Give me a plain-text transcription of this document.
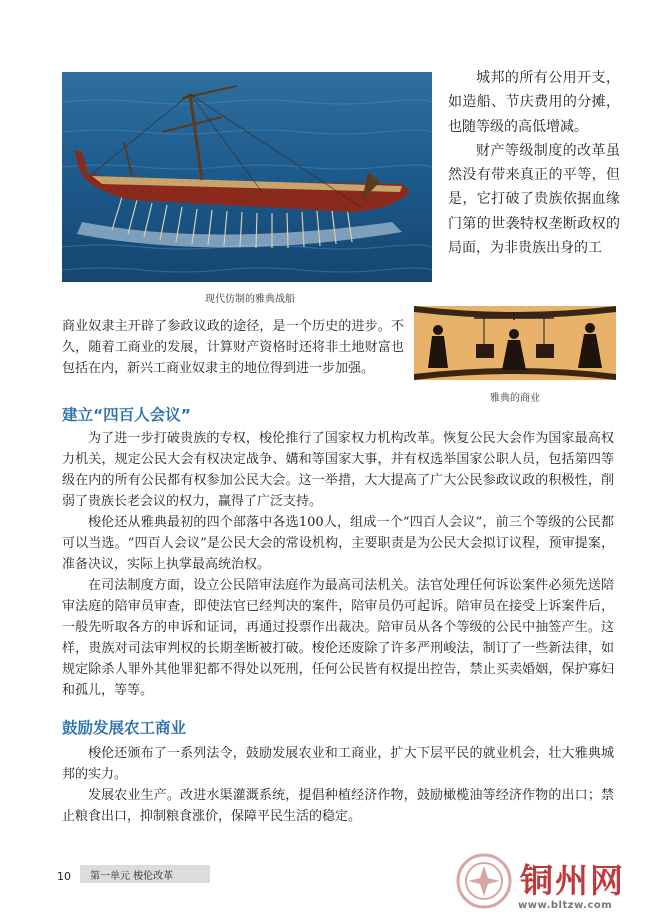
现代仿制的雅典战船

城邦的所有公用开支，如造船、节庆费用的分摊，也随等级的高低增减。

财产等级制度的改革虽然没有带来真正的平等，但是，它打破了贵族依据血缘门第的世袭特权垄断政权的局面，为非贵族出身的工

商业奴隶主开辟了参政议政的途径，是一个历史的进步。不久，随着工商业的发展，计算财产资格时还将非土地财富也包括在内，新兴工商业奴隶主的地位得到进一步加强。

雅典的商业
建立“四百人会议”

为了进一步打破贵族的专权，梭伦推行了国家权力机构改革。恢复公民大会作为国家最高权力机关，规定公民大会有权决定战争、媾和等国家大事，并有权选举国家公职人员，包括第四等级在内的所有公民都有权参加公民大会。这一举措，大大提高了广大公民参政议政的积极性，削弱了贵族长老会议的权力，赢得了广泛支持。

梭伦还从雅典最初的四个部落中各选100人，组成一个“四百人会议”，前三个等级的公民都可以当选。“四百人会议”是公民大会的常设机构，主要职责是为公民大会拟订议程，预审提案，准备决议，实际上执掌最高统治权。

在司法制度方面，设立公民陪审法庭作为最高司法机关。法官处理任何诉讼案件必须先送陪审法庭的陪审员审查，即使法官已经判决的案件，陪审员仍可起诉。陪审员在接受上诉案件后，一般先听取各方的申诉和证词，再通过投票作出裁决。陪审员从各个等级的公民中抽签产生。这样，贵族对司法审判权的长期垄断被打破。梭伦还废除了许多严刑峻法，制订了一些新法律，如规定除杀人罪外其他罪犯都不得处以死刑，任何公民皆有权提出控告，禁止买卖婚姻，保护寡妇和孤儿，等等。

鼓励发展农工商业

梭伦还颁布了一系列法令，鼓励发展农业和工商业，扩大下层平民的就业机会，壮大雅典城邦的实力。

发展农业生产。改进水渠灌溉系统，提倡种植经济作物，鼓励橄榄油等经济作物的出口；禁止粮食出口，抑制粮食涨价，保障平民生活的稳定。

10 第一单元 梭伦改革	铜州网
www.bltzw.com
